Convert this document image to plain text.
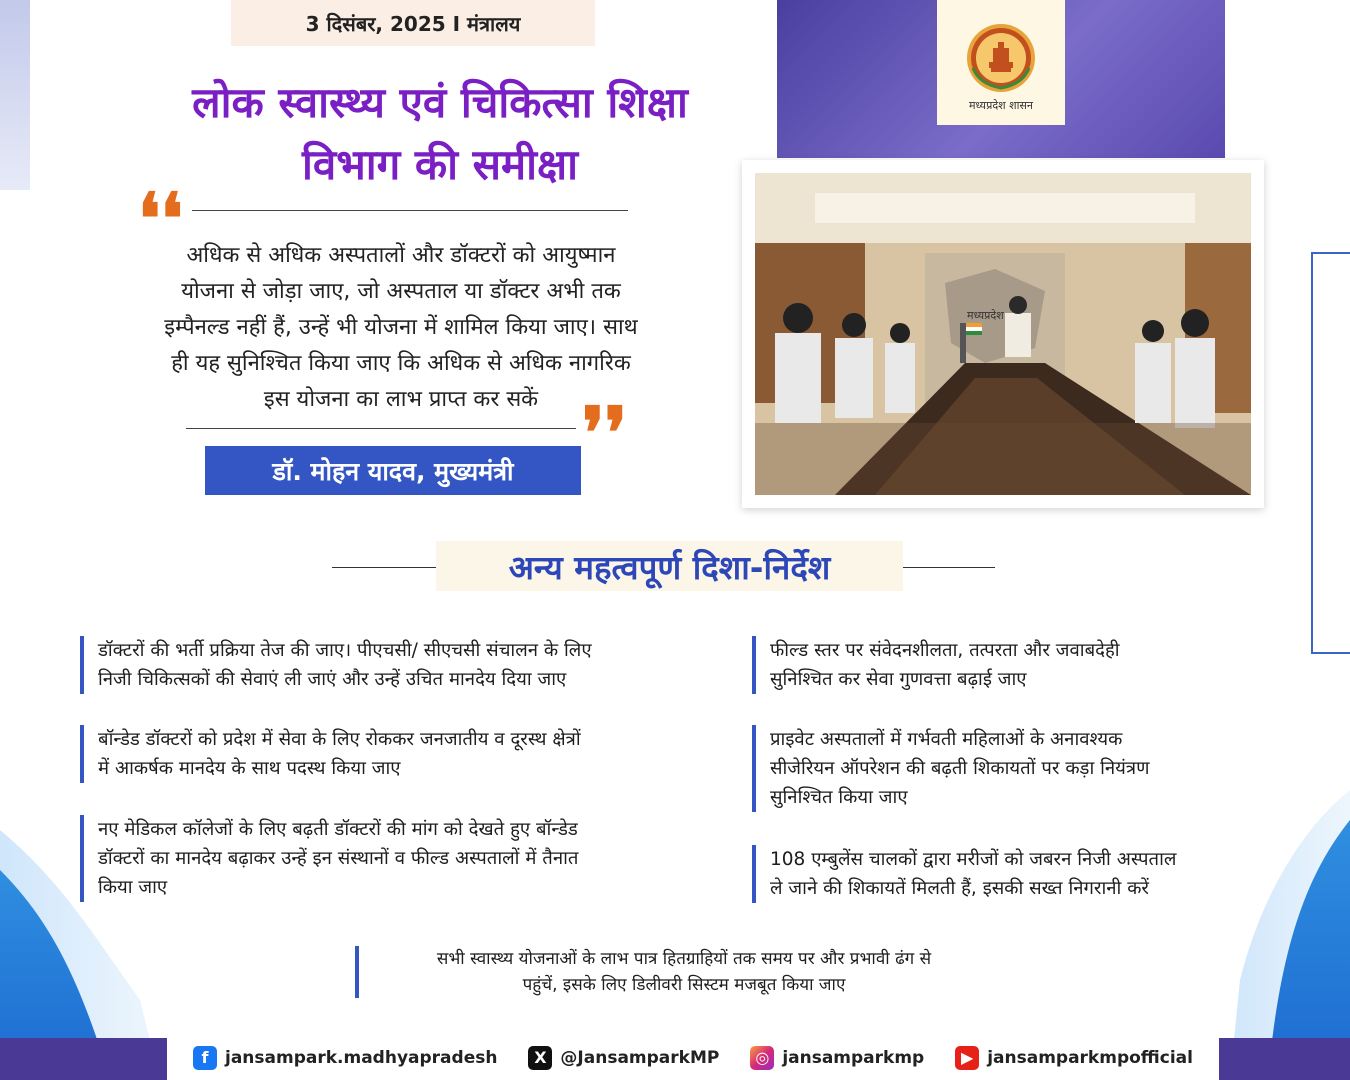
3 दिसंबर, 2025 I मंत्रालय
मध्यप्रदेश शासन
लोक स्वास्थ्य एवं चिकित्सा शिक्षा
विभाग की समीक्षा
❛❛ अधिक से अधिक अस्पतालों और डॉक्टरों को आयुष्मान
योजना से जोड़ा जाए, जो अस्पताल या डॉक्टर अभी तक
इम्पैनल्ड नहीं हैं, उन्हें भी योजना में शामिल किया जाए। साथ
ही यह सुनिश्चित किया जाए कि अधिक से अधिक नागरिक
इस योजना का लाभ प्राप्त कर सकें ❜❜
डॉ. मोहन यादव, मुख्यमंत्री
मध्यप्रदेश
अन्य महत्वपूर्ण दिशा-निर्देश
डॉक्टरों की भर्ती प्रक्रिया तेज की जाए। पीएचसी/ सीएचसी संचालन के लिए
निजी चिकित्सकों की सेवाएं ली जाएं और उन्हें उचित मानदेय दिया जाए
बॉन्डेड डॉक्टरों को प्रदेश में सेवा के लिए रोककर जनजातीय व दूरस्थ क्षेत्रों
में आकर्षक मानदेय के साथ पदस्थ किया जाए
नए मेडिकल कॉलेजों के लिए बढ़ती डॉक्टरों की मांग को देखते हुए बॉन्डेड
डॉक्टरों का मानदेय बढ़ाकर उन्हें इन संस्थानों व फील्ड अस्पतालों में तैनात
किया जाए
फील्ड स्तर पर संवेदनशीलता, तत्परता और जवाबदेही
सुनिश्चित कर सेवा गुणवत्ता बढ़ाई जाए
प्राइवेट अस्पतालों में गर्भवती महिलाओं के अनावश्यक
सीजेरियन ऑपरेशन की बढ़ती शिकायतों पर कड़ा नियंत्रण
सुनिश्चित किया जाए
108 एम्बुलेंस चालकों द्वारा मरीजों को जबरन निजी अस्पताल
ले जाने की शिकायतें मिलती हैं, इसकी सख्त निगरानी करें
सभी स्वास्थ्य योजनाओं के लाभ पात्र हितग्राहियों तक समय पर और प्रभावी ढंग से
पहुंचें, इसके लिए डिलीवरी सिस्टम मजबूत किया जाए
f jansampark.madhyapradesh	X @JansamparkMP	◎ jansamparkmp	▶ jansamparkmpofficial
